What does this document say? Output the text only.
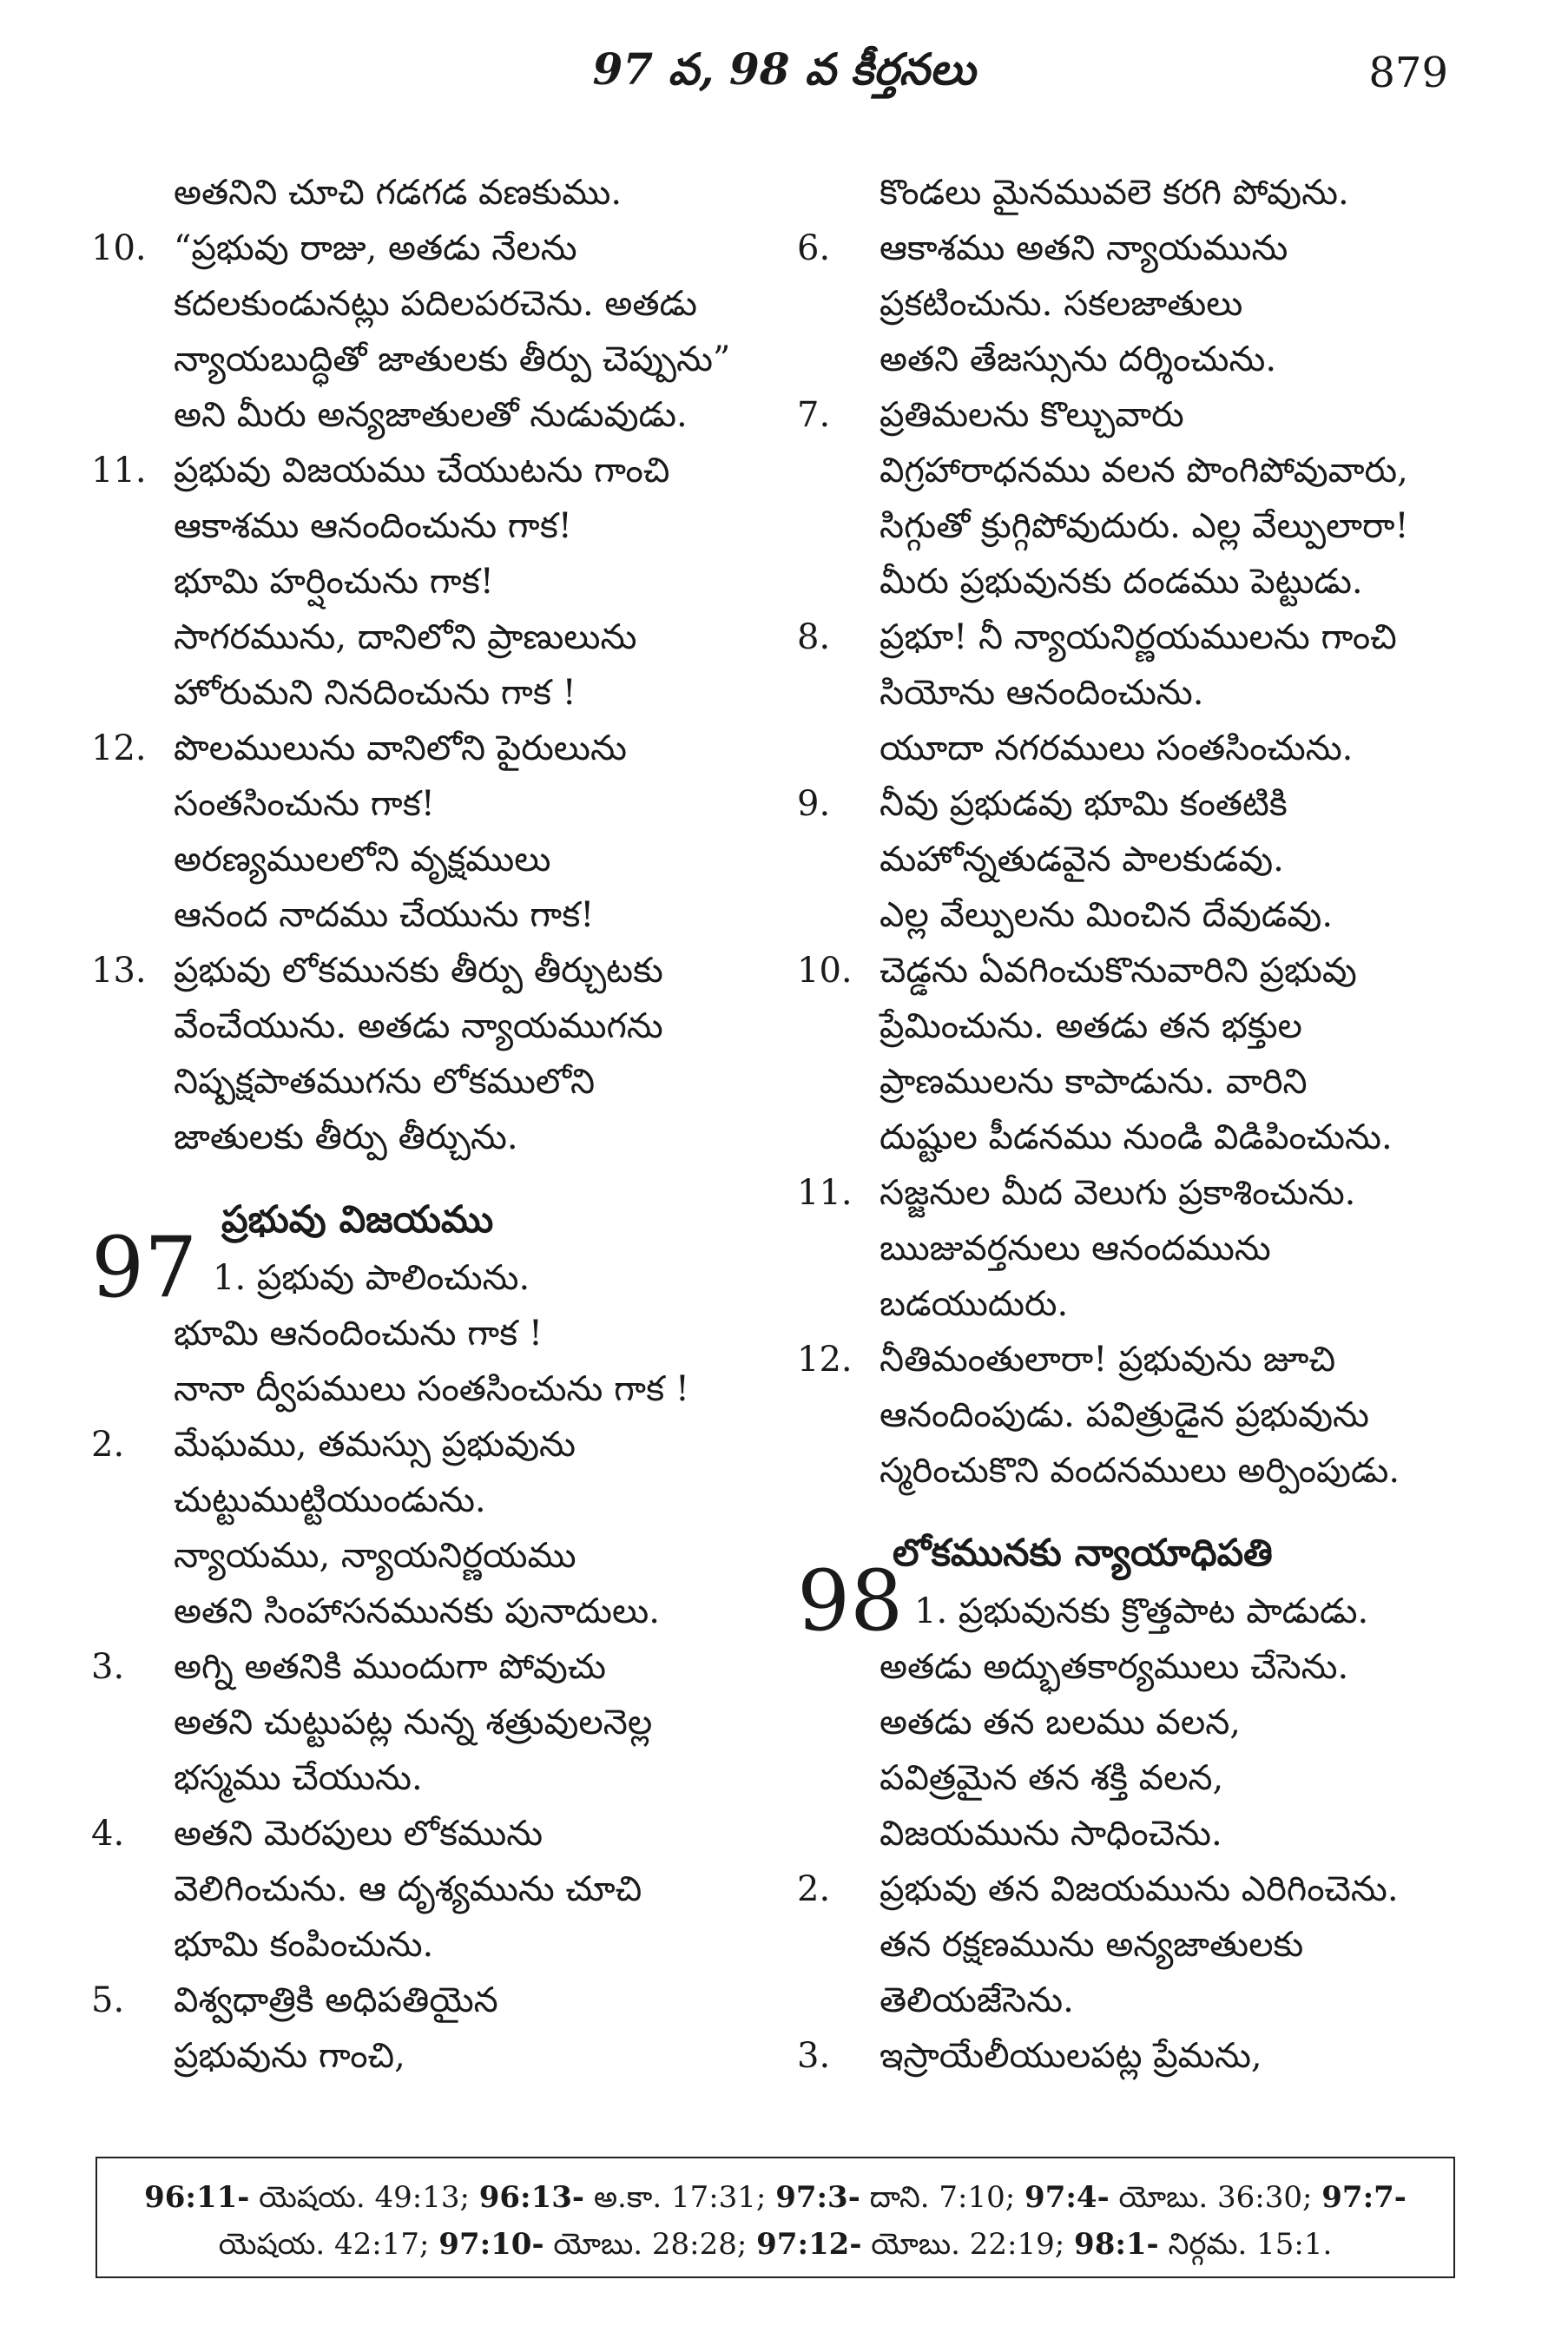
97 వ, 98 వ కీర్తనలు	879
అతనిని చూచి గడగడ వణకుము.
10. “ప్రభువు రాజు, అతడు నేలను
కదలకుండునట్లు పదిలపరచెను. అతడు
న్యాయబుద్ధితో జాతులకు తీర్పు చెప్పును”
అని మీరు అన్యజాతులతో నుడువుడు.
11. ప్రభువు విజయము చేయుటను గాంచి
ఆకాశము ఆనందించును గాక!
భూమి హర్షించును గాక!
సాగరమును, దానిలోని ప్రాణులును
హోరుమని నినదించును గాక !
12. పొలములును వానిలోని పైరులును
సంతసించును గాక!
అరణ్యములలోని వృక్షములు
ఆనంద నాదము చేయును గాక!
13. ప్రభువు లోకమునకు తీర్పు తీర్చుటకు
వేంచేయును. అతడు న్యాయముగను
నిష్పక్షపాతముగను లోకములోని
జాతులకు తీర్పు తీర్చును.
ప్రభువు విజయము
97 1. ప్రభువు పాలించును.
భూమి ఆనందించును గాక !
నానా ద్వీపములు సంతసించును గాక !
2. మేఘము, తమస్సు ప్రభువును
చుట్టుముట్టియుండును.
న్యాయము, న్యాయనిర్ణయము
అతని సింహాసనమునకు పునాదులు.
3. అగ్ని అతనికి ముందుగా పోవుచు
అతని చుట్టుపట్ల నున్న శత్రువులనెల్ల
భస్మము చేయును.
4. అతని మెరపులు లోకమును
వెలిగించును. ఆ దృశ్యమును చూచి
భూమి కంపించును.
5. విశ్వధాత్రికి అధిపతియైన
ప్రభువును గాంచి,
కొండలు మైనమువలె కరగి పోవును.
6. ఆకాశము అతని న్యాయమును
ప్రకటించును. సకలజాతులు
అతని తేజస్సును దర్శించును.
7. ప్రతిమలను కొల్చువారు
విగ్రహారాధనము వలన పొంగిపోవువారు,
సిగ్గుతో క్రుగ్గిపోవుదురు. ఎల్ల వేల్పులారా!
మీరు ప్రభువునకు దండము పెట్టుడు.
8. ప్రభూ! నీ న్యాయనిర్ణయములను గాంచి
సియోను ఆనందించును.
యూదా నగరములు సంతసించును.
9. నీవు ప్రభుడవు భూమి కంతటికి
మహోన్నతుడవైన పాలకుడవు.
ఎల్ల వేల్పులను మించిన దేవుడవు.
10. చెడ్డను ఏవగించుకొనువారిని ప్రభువు
ప్రేమించును. అతడు తన భక్తుల
ప్రాణములను కాపాడును. వారిని
దుష్టుల పీడనము నుండి విడిపించును.
11. సజ్జనుల మీద వెలుగు ప్రకాశించును.
ఋజువర్తనులు ఆనందమును
బడయుదురు.
12. నీతిమంతులారా! ప్రభువును జూచి
ఆనందింపుడు. పవిత్రుడైన ప్రభువును
స్మరించుకొని వందనములు అర్పింపుడు.
లోకమునకు న్యాయాధిపతి
98 1. ప్రభువునకు క్రొత్తపాట పాడుడు.
అతడు అద్భుతకార్యములు చేసెను.
అతడు తన బలము వలన,
పవిత్రమైన తన శక్తి వలన,
విజయమును సాధించెను.
2. ప్రభువు తన విజయమును ఎరిగించెను.
తన రక్షణమును అన్యజాతులకు
తెలియజేసెను.
3. ఇస్రాయేలీయులపట్ల ప్రేమను,
96:11- యెషయ. 49:13; 96:13- అ.కా. 17:31; 97:3- దాని. 7:10; 97:4- యోబు. 36:30; 97:7-
యెషయ. 42:17; 97:10- యోబు. 28:28; 97:12- యోబు. 22:19; 98:1- నిర్గమ. 15:1.
